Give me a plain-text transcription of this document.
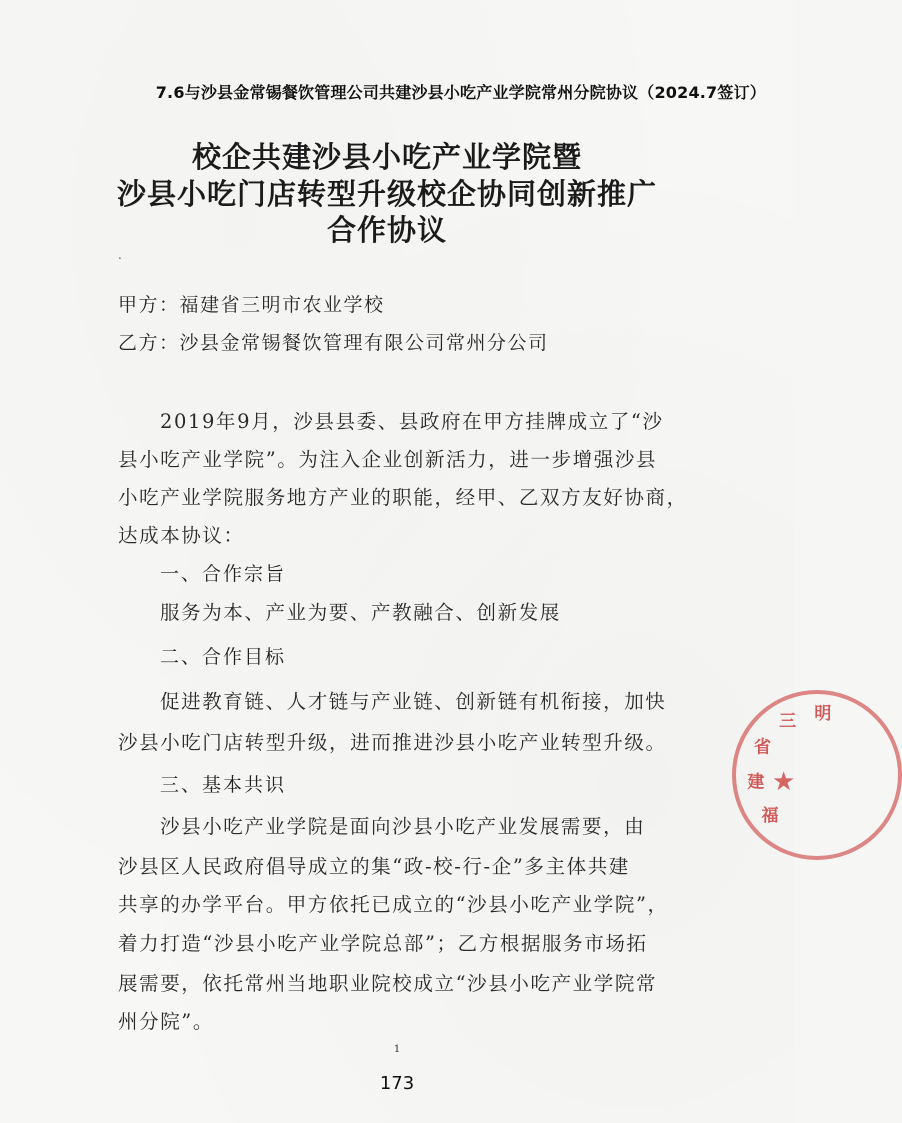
7.6与沙县金常锡餐饮管理公司共建沙县小吃产业学院常州分院协议（2024.7签订）
校企共建沙县小吃产业学院暨
沙县小吃门店转型升级校企协同创新推广
合作协议
甲方：福建省三明市农业学校
乙方：沙县金常锡餐饮管理有限公司常州分公司
2019年9月，沙县县委、县政府在甲方挂牌成立了“沙
县小吃产业学院”。为注入企业创新活力，进一步增强沙县
小吃产业学院服务地方产业的职能，经甲、乙双方友好协商，
达成本协议：
一、合作宗旨
服务为本、产业为要、产教融合、创新发展
二、合作目标
促进教育链、人才链与产业链、创新链有机衔接，加快
沙县小吃门店转型升级，进而推进沙县小吃产业转型升级。
三、基本共识
沙县小吃产业学院是面向沙县小吃产业发展需要，由
沙县区人民政府倡导成立的集“政-校-行-企”多主体共建
共享的办学平台。甲方依托已成立的“沙县小吃产业学院”，
着力打造“沙县小吃产业学院总部”；乙方根据服务市场拓
展需要，依托常州当地职业院校成立“沙县小吃产业学院常
州分院”。
1
173
★
福建省三 明
.
